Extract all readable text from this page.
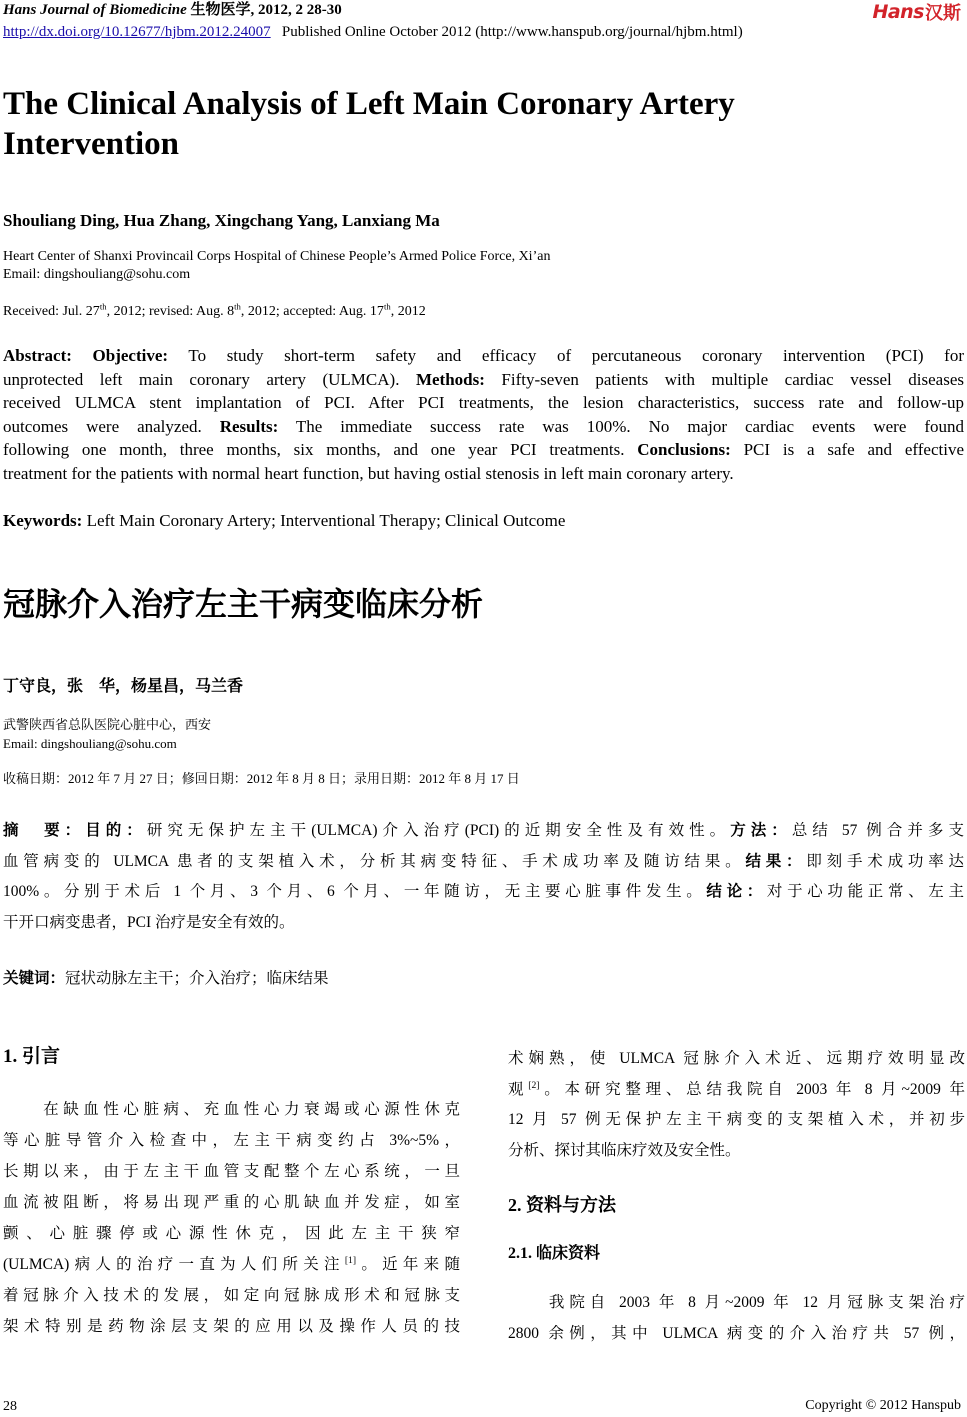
Hans Journal of Biomedicine 生物医学, 2012, 2 28-30
http://dx.doi.org/10.12677/hjbm.2012.24007 Published Online October 2012 (http://www.hanspub.org/journal/hjbm.html)
Hans 汉斯
The Clinical Analysis of Left Main Coronary Artery
Intervention
Shouliang Ding, Hua Zhang, Xingchang Yang, Lanxiang Ma
Heart Center of Shanxi Provincail Corps Hospital of Chinese People’s Armed Police Force, Xi’an
Email: dingshouliang@sohu.com
Received: Jul. 27th, 2012; revised: Aug. 8th, 2012; accepted: Aug. 17th, 2012
Abstract: Objective: To study short-term safety and efficacy of percutaneous coronary intervention (PCI) for
unprotected left main coronary artery (ULMCA). Methods: Fifty-seven patients with multiple cardiac vessel diseases
received ULMCA stent implantation of PCI. After PCI treatments, the lesion characteristics, success rate and follow-up
outcomes were analyzed. Results: The immediate success rate was 100%. No major cardiac events were found
following one month, three months, six months, and one year PCI treatments. Conclusions: PCI is a safe and effective
treatment for the patients with normal heart function, but having ostial stenosis in left main coronary artery.
Keywords: Left Main Coronary Artery; Interventional Therapy; Clinical Outcome
冠脉介入治疗左主干病变临床分析
丁守良，张　华，杨星昌，马兰香
武警陕西省总队医院心脏中心，西安
Email: dingshouliang@sohu.com
收稿日期：2012 年 7 月 27 日；修回日期：2012 年 8 月 8 日；录用日期：2012 年 8 月 17 日
摘　要：目的：研究无保护左主干(ULMCA)介入治疗(PCI)的近期安全性及有效性。方法：总结 57 例合并多支
血管病变的 ULMCA 患者的支架植入术，分析其病变特征、手术成功率及随访结果。结果：即刻手术成功率达
100%。分别于术后 1 个月、3 个月、6 个月、一年随访，无主要心脏事件发生。结论：对于心功能正常、左主
干开口病变患者，PCI 治疗是安全有效的。
关键词：冠状动脉左主干；介入治疗；临床结果
1. 引言
　　在缺血性心脏病、充血性心力衰竭或心源性休克
等心脏导管介入检查中，左主干病变约占 3%~5%，
长期以来，由于左主干血管支配整个左心系统，一旦
血流被阻断，将易出现严重的心肌缺血并发症，如室
颤、心脏骤停或心源性休克，因此左主干狭窄
(ULMCA)病人的治疗一直为人们所关注[1]。近年来随
着冠脉介入技术的发展，如定向冠脉成形术和冠脉支
架术特别是药物涂层支架的应用以及操作人员的技
术娴熟，使 ULMCA 冠脉介入术近、远期疗效明显改
观[2]。本研究整理、总结我院自 2003 年 8 月~2009 年
12 月 57 例无保护左主干病变的支架植入术，并初步
分析、探讨其临床疗效及安全性。
2. 资料与方法
2.1. 临床资料
　　我院自 2003 年 8 月~2009 年 12 月冠脉支架治疗
2800 余例，其中 ULMCA 病变的介入治疗共 57 例，
28	Copyright © 2012 Hanspub
